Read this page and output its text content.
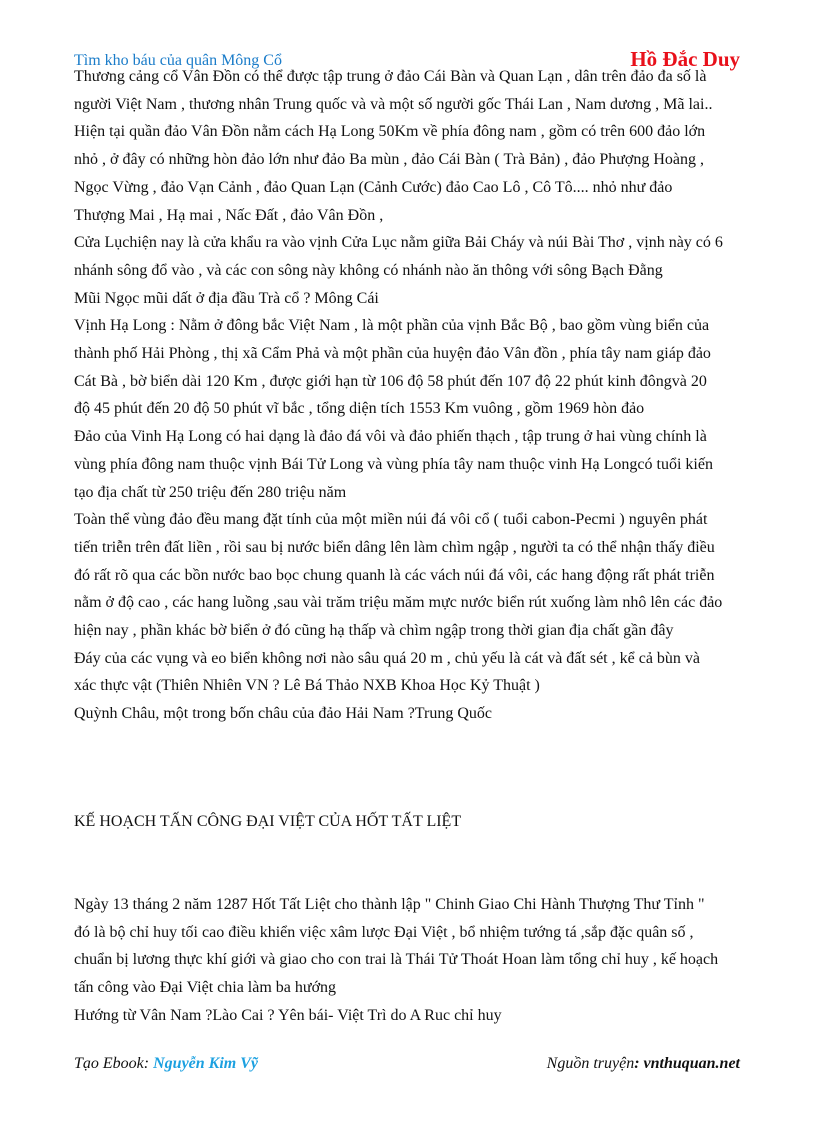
Tìm kho báu của quân Mông Cổ	Hồ Đắc Duy
Thương cảng cổ Vân Đồn có thể được tập trung ở đảo Cái Bàn và Quan Lạn , dân trên đảo đa số là
người Việt Nam , thương nhân Trung quốc và và một số người gốc Thái Lan , Nam dương , Mã lai..
Hiện tại quần đảo Vân Đồn nằm cách Hạ Long 50Km về phía đông nam , gồm có trên 600 đảo lớn
nhỏ , ở đây có những hòn đảo lớn như đảo Ba mùn , đảo Cái Bàn ( Trà Bản) , đảo Phượng Hoàng ,
Ngọc Vừng , đảo Vạn Cảnh , đảo Quan Lạn (Cảnh Cước) đảo Cao Lô , Cô Tô.... nhỏ như đảo
Thượng Mai , Hạ mai , Nấc Đất , đảo Vân Đồn ,
Cửa Lụchiện nay là cửa khẩu ra vào vịnh Cửa Lục nằm giữa Bải Cháy và núi Bài Thơ , vịnh này có 6
nhánh sông đổ vào , và các con sông này không có nhánh nào ăn thông với sông Bạch Đằng
Mũi Ngọc mũi dất ở địa đầu Trà cổ ? Mông Cái
Vịnh Hạ Long : Nằm ở đông bắc Việt Nam , là một phần của vịnh Bắc Bộ , bao gồm vùng biển của
thành phố Hải Phòng , thị xã Cẩm Phả và một phần của huyện đảo Vân đồn , phía tây nam giáp đảo
Cát Bà , bờ biển dài 120 Km , được giới hạn từ 106 độ 58 phút đến 107 độ 22 phút kinh đôngvà 20
độ 45 phút đến 20 độ 50 phút vĩ bắc , tổng diện tích 1553 Km vuông , gồm 1969 hòn đảo
Đảo của Vinh Hạ Long có hai dạng là đảo đá vôi và đảo phiến thạch , tập trung ở hai vùng chính là
vùng phía đông nam thuộc vịnh Bái Tử Long và vùng phía tây nam thuộc vinh Hạ Longcó tuổi kiến
tạo địa chất từ 250 triệu đến 280 triệu năm
Toàn thể vùng đảo đều mang đặt tính của một miền núi đá vôi cổ ( tuổi cabon-Pecmi ) nguyên phát
tiến triễn trên đất liền , rồi sau bị nước biển dâng lên làm chìm ngập , người ta có thể nhận thấy điều
đó rất rõ qua các bồn nước bao bọc chung quanh là các vách núi đá vôi, các hang động rất phát triễn
nằm ở độ cao , các hang luồng ,sau vài trăm triệu măm mực nước biển rút xuống làm nhô lên các đảo
hiện nay , phần khác bờ biển ở đó cũng hạ thấp và chìm ngập trong thời gian địa chất gần đây
Đáy của các vụng và eo biển không nơi nào sâu quá 20 m , chủ yếu là cát và đất sét , kể cả bùn và
xác thực vật (Thiên Nhiên VN ? Lê Bá Thảo NXB Khoa Học Kỷ Thuật )
Quỳnh Châu, một trong bốn châu của đảo Hải Nam ?Trung Quốc
KẾ HOẠCH TẤN CÔNG ĐẠI VIỆT CỦA HỐT TẤT LIỆT
Ngày 13 tháng 2 năm 1287 Hốt Tất Liệt cho thành lập " Chinh Giao Chi Hành Thượng Thư Tỉnh "
đó là bộ chỉ huy tối cao điều khiển việc xâm lược Đại Việt , bổ nhiệm tướng tá ,sắp đặc quân số ,
chuẩn bị lương thực khí giới và giao cho con trai là Thái Tử Thoát Hoan làm tổng chỉ huy , kế hoạch
tấn công vào Đại Việt chia làm ba hướng
Hướng từ Vân Nam ?Lào Cai ? Yên bái- Việt Trì do A Ruc chỉ huy
Tạo Ebook: Nguyễn Kim Vỹ	Nguồn truyện: vnthuquan.net
